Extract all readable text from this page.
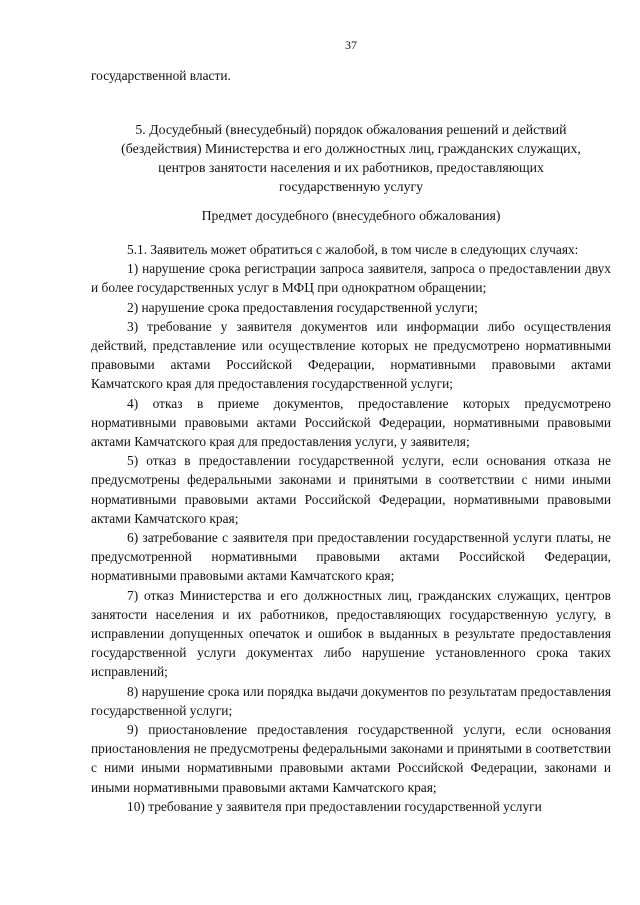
37
государственной власти.
5. Досудебный (внесудебный) порядок обжалования решений и действий
(бездействия) Министерства и его должностных лиц, гражданских служащих,
центров занятости населения и их работников, предоставляющих
государственную услугу
Предмет досудебного (внесудебного обжалования)

5.1. Заявитель может обратиться с жалобой, в том числе в следующих случаях:

1) нарушение срока регистрации запроса заявителя, запроса о предоставлении двух и более государственных услуг в МФЦ при однократном обращении;

2) нарушение срока предоставления государственной услуги;

3) требование у заявителя документов или информации либо осуществления действий, представление или осуществление которых не предусмотрено нормативными правовыми актами Российской Федерации, нормативными правовыми актами Камчатского края для предоставления государственной услуги;

4) отказ в приеме документов, предоставление которых предусмотрено нормативными правовыми актами Российской Федерации, нормативными правовыми актами Камчатского края для предоставления услуги, у заявителя;

5) отказ в предоставлении государственной услуги, если основания отказа не предусмотрены федеральными законами и принятыми в соответствии с ними иными нормативными правовыми актами Российской Федерации, нормативными правовыми актами Камчатского края;

6) затребование с заявителя при предоставлении государственной услуги платы, не предусмотренной нормативными правовыми актами Российской Федерации, нормативными правовыми актами Камчатского края;

7) отказ Министерства и его должностных лиц, гражданских служащих, центров занятости населения и их работников, предоставляющих государственную услугу, в исправлении допущенных опечаток и ошибок в выданных в результате предоставления государственной услуги документах либо нарушение установленного срока таких исправлений;

8) нарушение срока или порядка выдачи документов по результатам предоставления государственной услуги;

9) приостановление предоставления государственной услуги, если основания приостановления не предусмотрены федеральными законами и принятыми в соответствии с ними иными нормативными правовыми актами Российской Федерации, законами и иными нормативными правовыми актами Камчатского края;

10) требование у заявителя при предоставлении государственной услуги
